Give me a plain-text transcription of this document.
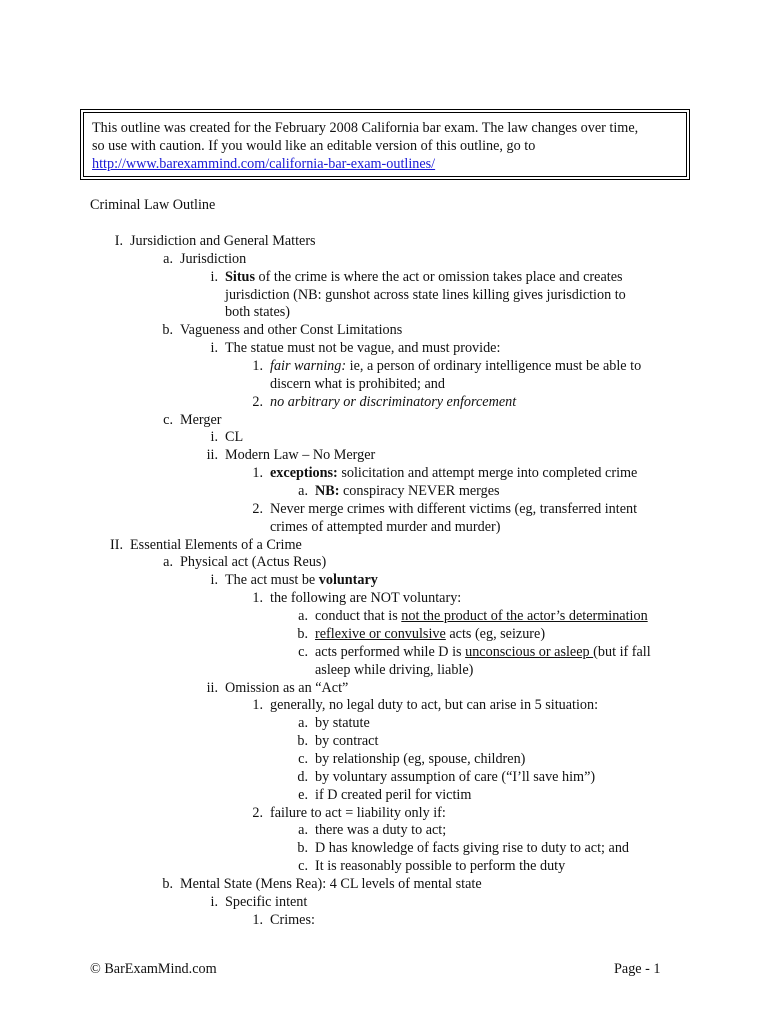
This outline was created for the February 2008 California bar exam. The law changes over time,
so use with caution. If you would like an editable version of this outline, go to
http://www.barexammind.com/california-bar-exam-outlines/
Criminal Law Outline
I. Jursidiction and General Matters
a. Jurisdiction
i. Situs of the crime is where the act or omission takes place and creates
jurisdiction (NB: gunshot across state lines killing gives jurisdiction to
both states)
b. Vagueness and other Const Limitations
i. The statue must not be vague, and must provide:
1. fair warning: ie, a person of ordinary intelligence must be able to
discern what is prohibited; and
2. no arbitrary or discriminatory enforcement
c. Merger
i. CL
ii. Modern Law – No Merger
1. exceptions: solicitation and attempt merge into completed crime
a. NB: conspiracy NEVER merges
2. Never merge crimes with different victims (eg, transferred intent
crimes of attempted murder and murder)
II. Essential Elements of a Crime
a. Physical act (Actus Reus)
i. The act must be voluntary
1. the following are NOT voluntary:
a. conduct that is not the product of the actor’s determination
b. reflexive or convulsive acts (eg, seizure)
c. acts performed while D is unconscious or asleep (but if fall
asleep while driving, liable)
ii. Omission as an “Act”
1. generally, no legal duty to act, but can arise in 5 situation:
a. by statute
b. by contract
c. by relationship (eg, spouse, children)
d. by voluntary assumption of care (“I’ll save him”)
e. if D created peril for victim
2. failure to act = liability only if:
a. there was a duty to act;
b. D has knowledge of facts giving rise to duty to act; and
c. It is reasonably possible to perform the duty
b. Mental State (Mens Rea): 4 CL levels of mental state
i. Specific intent
1. Crimes:
© BarExamMind.com	Page - 1
